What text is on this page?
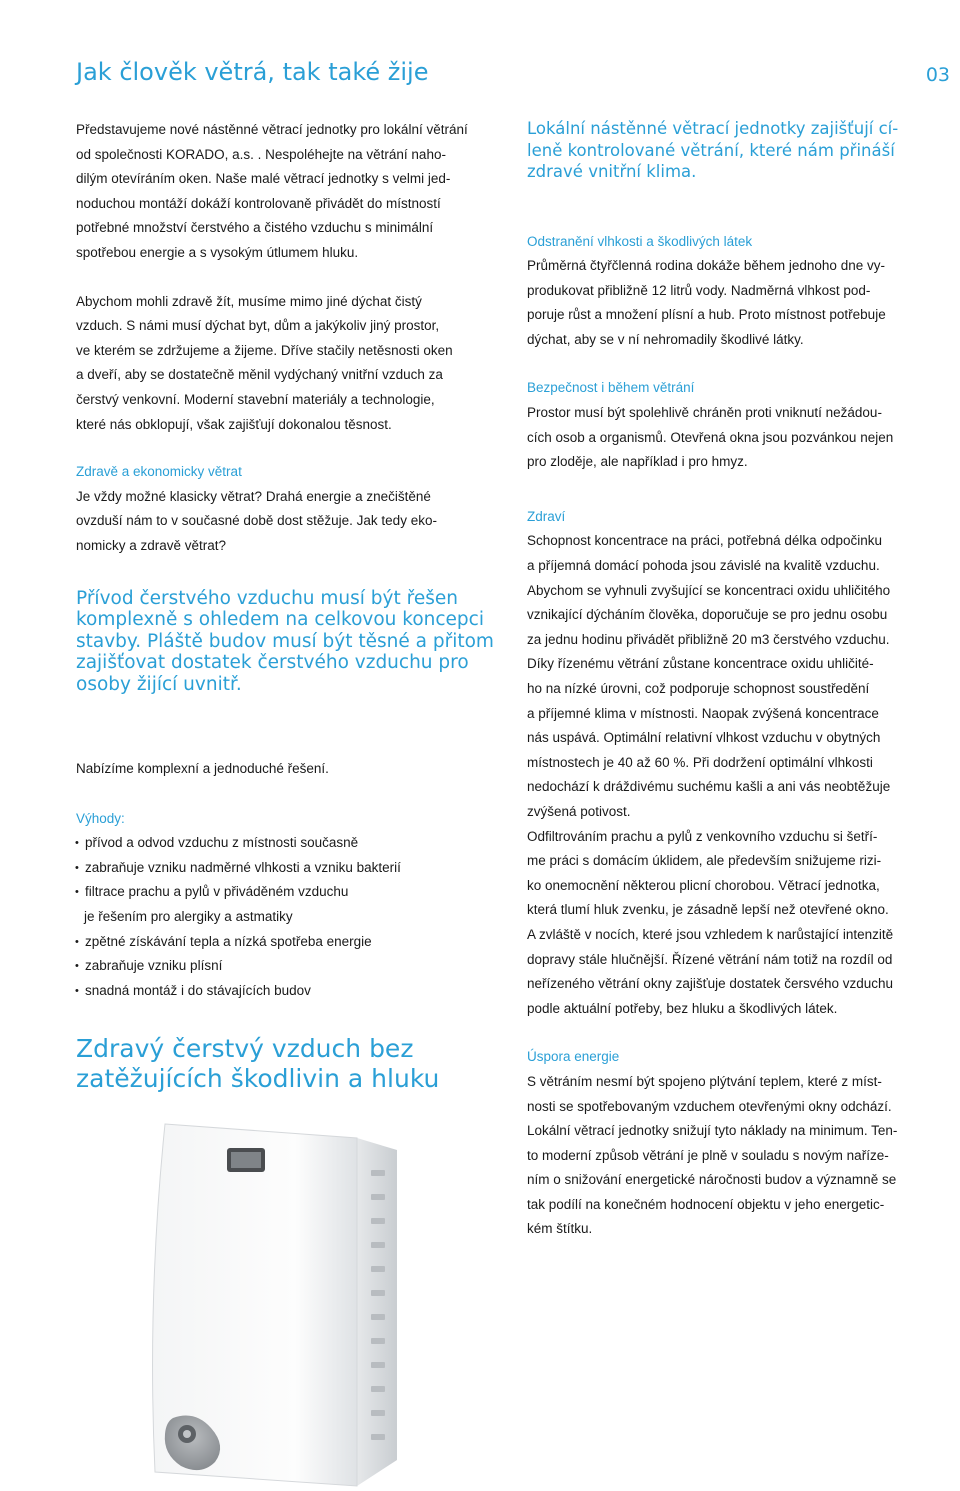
Jak člověk větrá, tak také žije	03

Představujeme nové nástěnné větrací jednotky pro lokální větrání
od společnosti KORADO, a.s. . Nespoléhejte na větrání naho-
dilým otevíráním oken. Naše malé větrací jednotky s velmi jed-
noduchou montáží dokáží kontrolovaně přivádět do místností
potřebné množství čerstvého a čistého vzduchu s minimální
spotřebou energie a s vysokým útlumem hluku.

Abychom mohli zdravě žít, musíme mimo jiné dýchat čistý
vzduch. S námi musí dýchat byt, dům a jakýkoliv jiný prostor,
ve kterém se zdržujeme a žijeme. Dříve stačily netěsnosti oken
a dveří, aby se dostatečně měnil vydýchaný vnitřní vzduch za
čerstvý venkovní. Moderní stavební materiály a technologie,
které nás obklopují, však zajišťují dokonalou těsnost.

Zdravě a ekonomicky větrat

Je vždy možné klasicky větrat? Drahá energie a znečištěné
ovzduší nám to v současné době dost stěžuje. Jak tedy eko-
nomicky a zdravě větrat?

Přívod čerstvého vzduchu musí být řešen
komplexně s ohledem na celkovou koncepci
stavby. Pláště budov musí být těsné a přitom
zajišťovat dostatek čerstvého vzduchu pro
osoby žijící uvnitř.

Nabízíme komplexní a jednoduché řešení.

Výhody:

• přívod a odvod vzduchu z místnosti současně
• zabraňuje vzniku nadměrné vlhkosti a vzniku bakterií
• filtrace prachu a pylů v přiváděném vzduchu
je řešením pro alergiky a astmatiky
• zpětné získávání tepla a nízká spotřeba energie
• zabraňuje vzniku plísní
• snadná montáž i do stávajících budov

Zdravý čerstvý vzduch bez
zatěžujících škodlivin a hluku

Lokální nástěnné větrací jednotky zajišťují cí-
leně kontrolované větrání, které nám přináší
zdravé vnitřní klima.

Odstranění vlhkosti a škodlivých látek

Průměrná čtyřčlenná rodina dokáže během jednoho dne vy-
produkovat přibližně 12 litrů vody. Nadměrná vlhkost pod-
poruje růst a množení plísní a hub. Proto místnost potřebuje
dýchat, aby se v ní nehromadily škodlivé látky.

Bezpečnost i během větrání

Prostor musí být spolehlivě chráněn proti vniknutí nežádou-
cích osob a organismů. Otevřená okna jsou pozvánkou nejen
pro zloděje, ale například i pro hmyz.

Zdraví

Schopnost koncentrace na práci, potřebná délka odpočinku
a příjemná domácí pohoda jsou závislé na kvalitě vzduchu.
Abychom se vyhnuli zvyšující se koncentraci oxidu uhličitého
vznikající dýcháním člověka, doporučuje se pro jednu osobu
za jednu hodinu přivádět přibližně 20 m3 čerstvého vzduchu.
Díky řízenému větrání zůstane koncentrace oxidu uhličité-
ho na nízké úrovni, což podporuje schopnost soustředění
a příjemné klima v místnosti. Naopak zvýšená koncentrace
nás uspává. Optimální relativní vlhkost vzduchu v obytných
místnostech je 40 až 60 %. Při dodržení optimální vlhkosti
nedochází k dráždivému suchému kašli a ani vás neobtěžuje
zvýšená potivost.
Odfiltrováním prachu a pylů z venkovního vzduchu si šetří-
me práci s domácím úklidem, ale především snižujeme rizi-
ko onemocnění některou plicní chorobou. Větrací jednotka,
která tlumí hluk zvenku, je zásadně lepší než otevřené okno.
A zvláště v nocích, které jsou vzhledem k narůstající intenzitě
dopravy stále hlučnější. Řízené větrání nám totiž na rozdíl od
neřízeného větrání okny zajišťuje dostatek čersvého vzduchu
podle aktuální potřeby, bez hluku a škodlivých látek.

Úspora energie

S větráním nesmí být spojeno plýtvání teplem, které z míst-
nosti se spotřebovaným vzduchem otevřenými okny odchází.
Lokální větrací jednotky snižují tyto náklady na minimum. Ten-
to moderní způsob větrání je plně v souladu s novým naříze-
ním o snižování energetické náročnosti budov a významně se
tak podílí na konečném hodnocení objektu v jeho energetic-
kém štítku.
